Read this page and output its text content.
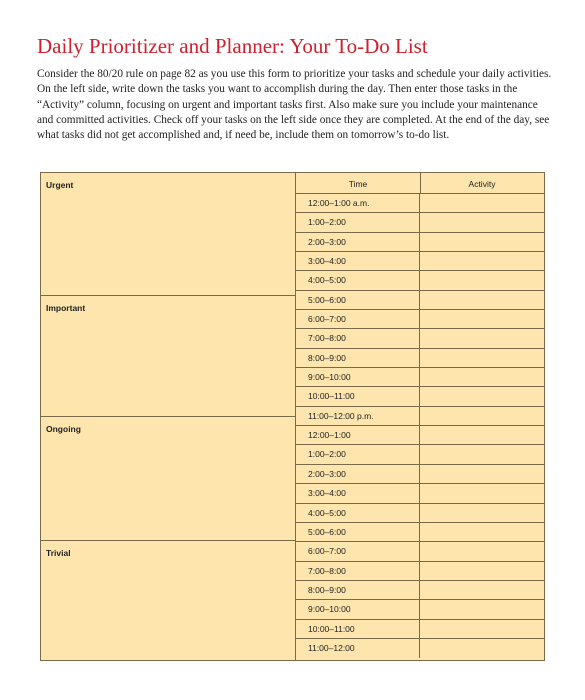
Daily Prioritizer and Planner: Your To-Do List
Consider the 80/20 rule on page 82 as you use this form to prioritize your tasks and schedule your daily activities. On the left side, write down the tasks you want to accomplish during the day. Then enter those tasks in the “Activity” column, focusing on urgent and important tasks first. Also make sure you include your maintenance and committed activities. Check off your tasks on the left side once they are completed. At the end of the day, see what tasks did not get accomplished and, if need be, include them on tomorrow’s to-do list.
Urgent
Important
Ongoing
Trivial
Time	Activity
12:00–1:00 a.m.
1:00–2:00
2:00–3:00
3:00–4:00
4:00–5:00
5:00–6:00
6:00–7:00
7:00–8:00
8:00–9:00
9:00–10:00
10:00–11:00
11:00–12:00 p.m.
12:00–1:00
1:00–2:00
2:00–3:00
3:00–4:00
4:00–5:00
5:00–6:00
6:00–7:00
7:00–8:00
8:00–9:00
9:00–10:00
10:00–11:00
11:00–12:00
